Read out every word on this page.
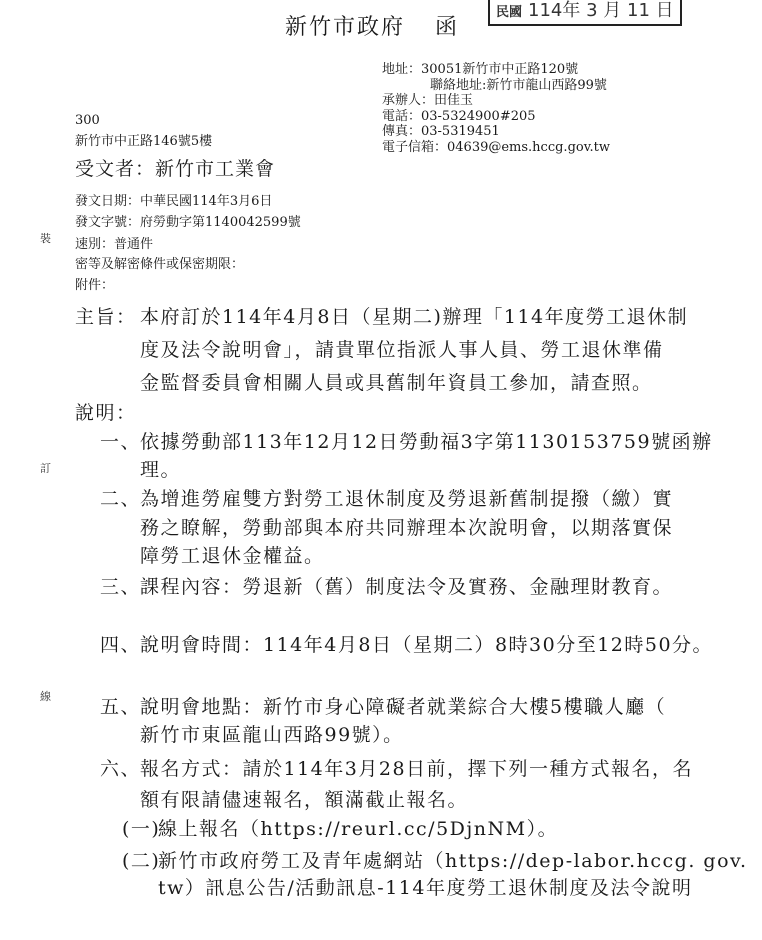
新竹市政府 函
民國 114年 3 月 11 日
地址：30051新竹市中正路120號
聯絡地址:新竹市龍山西路99號
承辦人：田佳玉
電話：03-5324900#205
傳真：03-5319451
電子信箱：04639@ems.hccg.gov.tw
300
新竹市中正路146號5樓
受文者：新竹市工業會
發文日期：中華民國114年3月6日
發文字號：府勞動字第1140042599號
速別：普通件
密等及解密條件或保密期限：
附件：
裝
訂
線
主旨： 本府訂於114年4月8日（星期二)辦理「114年度勞工退休制
度及法令說明會」，請貴單位指派人事人員、勞工退休準備
金監督委員會相關人員或具舊制年資員工參加，請查照。
說明：
一、
依據勞動部113年12月12日勞動福3字第1130153759號函辦
理。
二、
為增進勞雇雙方對勞工退休制度及勞退新舊制提撥（繳）實
務之瞭解，勞動部與本府共同辦理本次說明會，以期落實保
障勞工退休金權益。
三、
課程內容：勞退新（舊）制度法令及實務、金融理財教育。
四、
說明會時間：114年4月8日（星期二）8時30分至12時50分。
五、
說明會地點：新竹市身心障礙者就業綜合大樓5樓職人廳（
新竹市東區龍山西路99號）。
六、
報名方式：請於114年3月28日前，擇下列一種方式報名，名
額有限請儘速報名，額滿截止報名。
(一)
線上報名（https://reurl.cc/5DjnNM）。
(二)
新竹市政府勞工及青年處網站（https://dep-labor.hccg. gov.
tw）訊息公告/活動訊息-114年度勞工退休制度及法令說明
